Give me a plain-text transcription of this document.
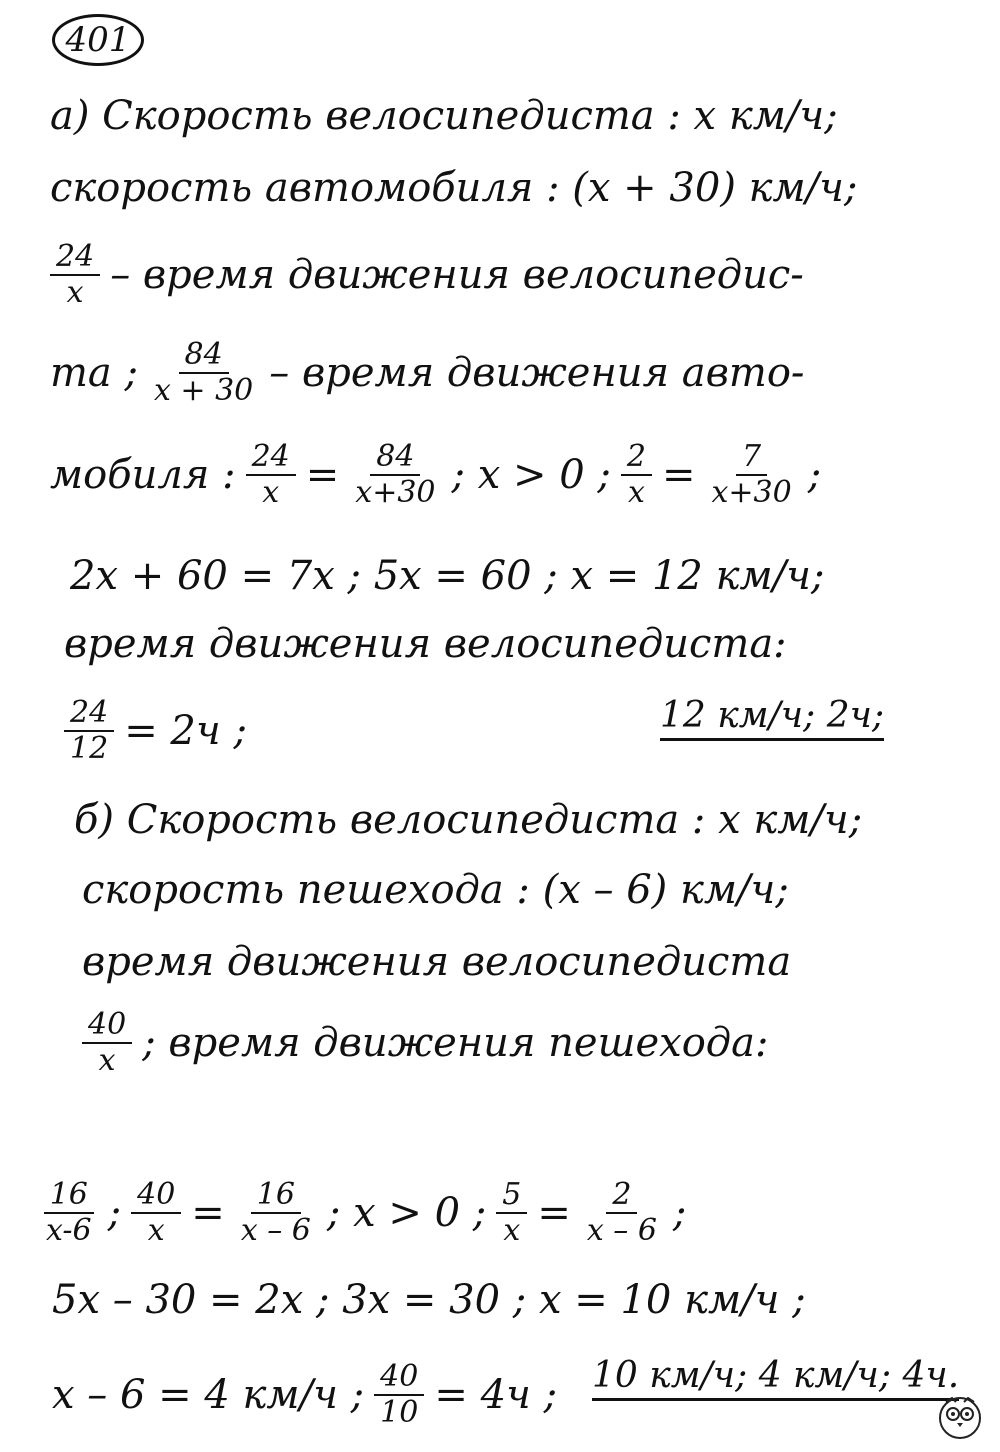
401
а) Скорость велосипедиста : x км/ч;
скорость автомобиля : (x + 30) км/ч;
$\frac{24}{x}$ – время движения велосипедис-
та ; $\frac{84}{x + 30}$ – время движения авто-
мобиля : $\frac{24}{x} = \frac{84}{x+30}$ ; x > 0 ; $\frac{2}{x} = \frac{7}{x+30}$ ;
2x + 60 = 7x ; 5x = 60 ; x = 12 км/ч;
время движения велосипедиста:
$\frac{24}{12} = 2ч$ ;	12 км/ч; 2ч;
б) Скорость велосипедиста : x км/ч;
скорость пешехода : (x – 6) км/ч;
время движения велосипедиста
$\frac{40}{x}$ ; время движения пешехода:
$\frac{16}{x-6}$ ; $\frac{40}{x} = \frac{16}{x - 6}$ ; x > 0 ; $\frac{5}{x} = \frac{2}{x - 6}$ ;
5x – 30 = 2x ; 3x = 30 ; x = 10 км/ч ;
x – 6 = 4 км/ч ; $\frac{40}{10} = 4ч$ ; 10 км/ч; 4 км/ч; 4ч.
